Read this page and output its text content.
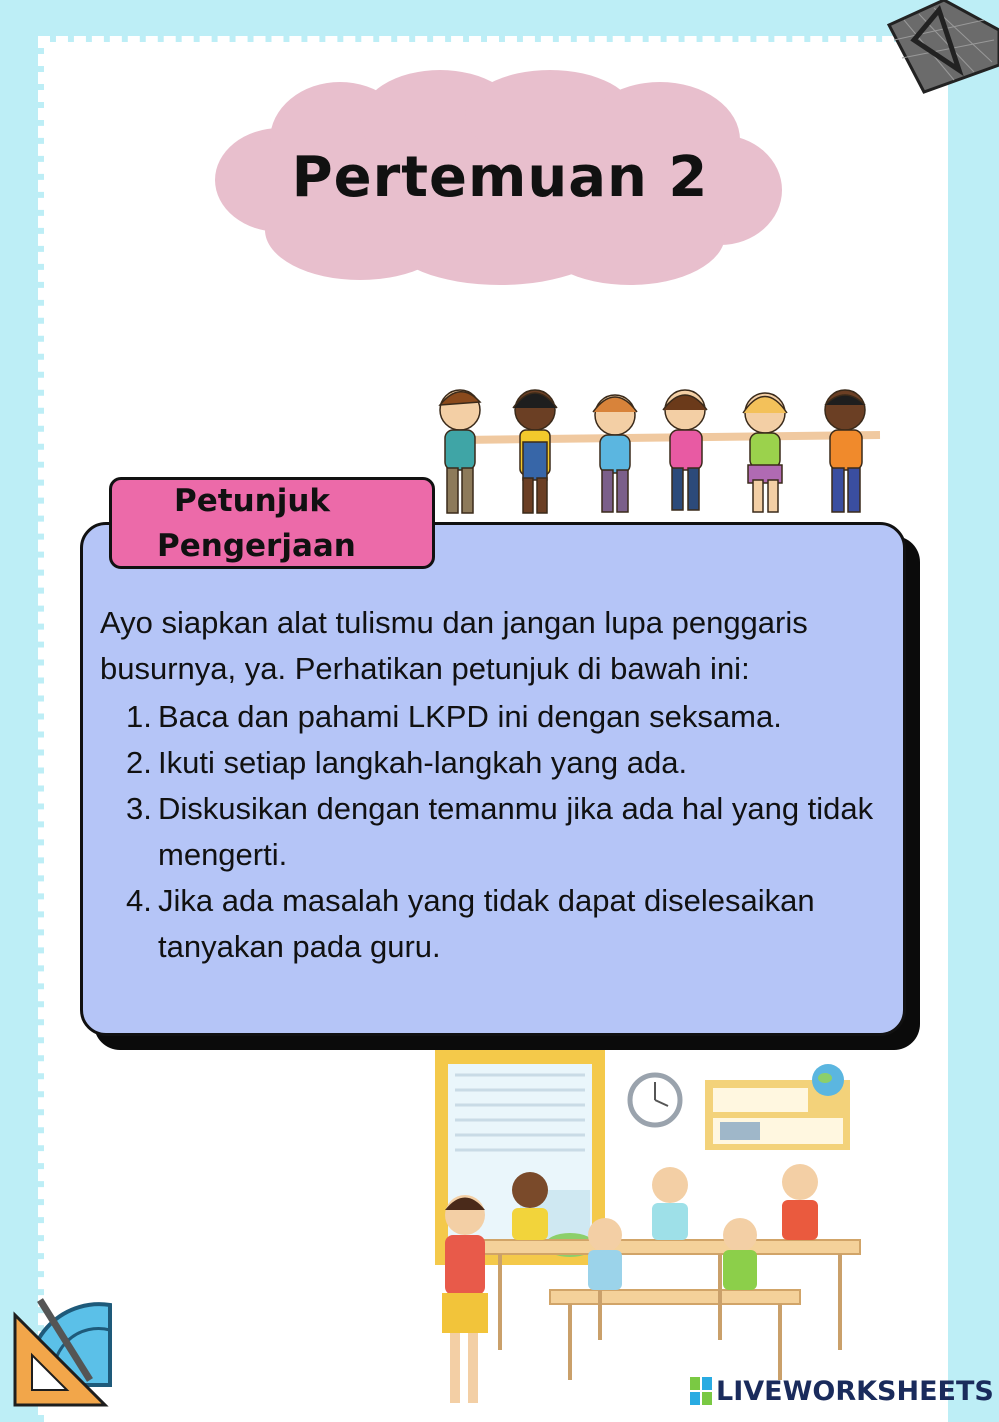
Pertemuan 2
Petunjuk
Pengerjaan
Ayo siapkan alat tulismu dan jangan lupa penggaris busurnya, ya. Perhatikan petunjuk di bawah ini:
1. Baca dan pahami LKPD ini dengan seksama.
2. Ikuti setiap langkah-langkah yang ada.
3. Diskusikan dengan temanmu jika ada hal yang tidak mengerti.
4. Jika ada masalah yang tidak dapat diselesaikan tanyakan pada guru.
LIVEWORKSHEETS
